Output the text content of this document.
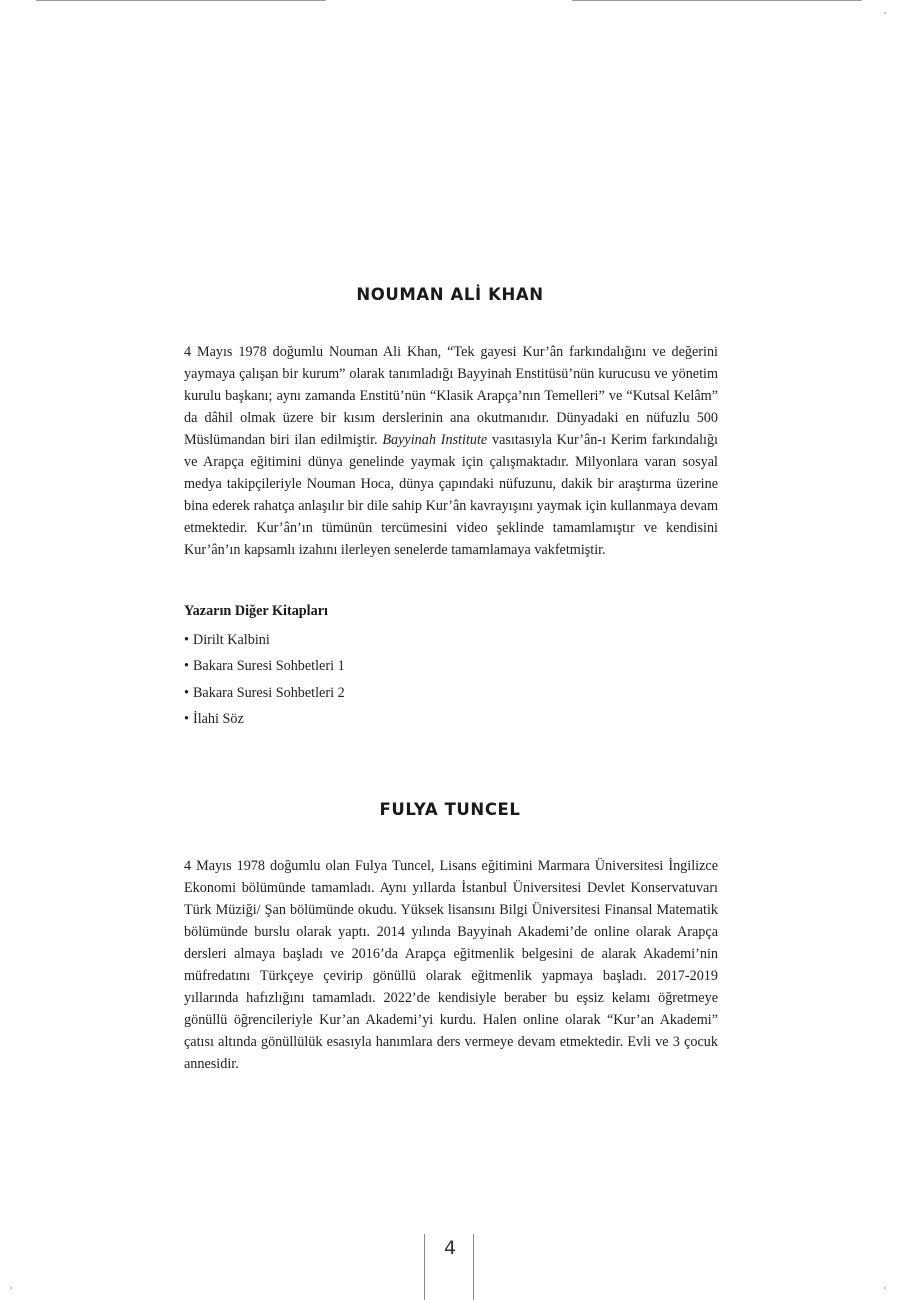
NOUMAN ALİ KHAN

4 Mayıs 1978 doğumlu Nouman Ali Khan, “Tek gayesi Kur’ân farkındalığını ve değerini yaymaya çalışan bir kurum” olarak tanımladığı Bayyinah Enstitüsü’nün kurucusu ve yönetim kurulu başkanı; aynı zamanda Enstitü’nün “Klasik Arapça’nın Temelleri” ve “Kutsal Kelâm” da dâhil olmak üzere bir kısım derslerinin ana okutmanıdır. Dünyadaki en nüfuzlu 500 Müslümandan biri ilan edilmiştir. Bayyinah Institute vasıtasıyla Kur’ân-ı Kerim farkındalığı ve Arapça eğitimini dünya genelinde yaymak için çalışmaktadır. Milyonlara varan sosyal medya takipçileriyle Nouman Hoca, dünya çapındaki nüfuzunu, dakik bir araştırma üzerine bina ederek rahatça anlaşılır bir dile sahip Kur’ân kavrayışını yaymak için kullanmaya devam etmektedir. Kur’ân’ın tümünün tercümesini video şeklinde tamamlamıştır ve kendisini Kur’ân’ın kapsamlı izahını ilerleyen senelerde tamamlamaya vakfetmiştir.

Yazarın Diğer Kitapları

• Dirilt Kalbini
• Bakara Suresi Sohbetleri 1
• Bakara Suresi Sohbetleri 2
• İlahi Söz
FULYA TUNCEL

4 Mayıs 1978 doğumlu olan Fulya Tuncel, Lisans eğitimini Marmara Üniversitesi İngilizce Ekonomi bölümünde tamamladı. Aynı yıllarda İstanbul Üniversitesi Devlet Konservatuvarı Türk Müziği/ Şan bölümünde okudu. Yüksek lisansını Bilgi Üniversitesi Finansal Matematik bölümünde burslu olarak yaptı. 2014 yılında Bayyinah Akademi’de online olarak Arapça dersleri almaya başladı ve 2016’da Arapça eğitmenlik belgesini de alarak Akademi’nin müfredatını Türkçeye çevirip gönüllü olarak eğitmenlik yapmaya başladı. 2017-2019 yıllarında hafızlığını tamamladı. 2022’de kendisiyle beraber bu eşsiz kelamı öğretmeye gönüllü öğrencileriyle Kur’an Akademi’yi kurdu. Halen online olarak “Kur’an Akademi” çatısı altında gönüllülük esasıyla hanımlara ders vermeye devam etmektedir. Evli ve 3 çocuk annesidir.

4
